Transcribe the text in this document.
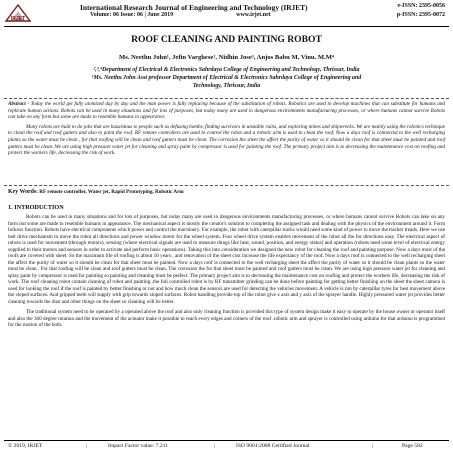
IRJET
International Research Journal of Engineering and Technology (IRJET)
Volume: 06 Issue: 06 | June 2019	www.irjet.net
e-ISSN: 2395-0056
p-ISSN: 2395-0072
ROOF CLEANING AND PAINTING ROBOT
Ms. Neethu John¹, Jefin Varghese², Nidhin Jose³, Anjos Babu M, Vinu. M.M⁴
²,³,⁴Department of Electrical & Electronics Sahrdaya College of Engineering and Technology, Thrissur, India
¹Ms. Neethu John Asst professor Department of Electrical & Electronics Sahrdaya College of Engineering and
Technology, Thrissur, India

Abstract - Today the world get fully atomized day by day and the man power is fully replacing because of the substitution of robots. Robotics are used to develop machines that can substitute for humans and replicate human actions. Robots can be used in many situations and for lots of purposes, but today many are used in dangerous environments manufacturing processes, or where humans cannot survive Robots can take on any form but some are made to resemble humans in appearance.

Many robots are built to do jobs that are hazardous to people such as defusing bombs, finding survivors in unstable ruins, and exploring mines and shipwrecks. We are mainly using the robotics technique to clean the roof and roof gutters and also to paint the roof. RF remote controllers are used to control the robot and a robotic arm is used to clean the roof. Now a days roof is connected to the well recharging plants so the water must be clean , for that roofing will be clean and roof gutters must be clean. The corrosion the sheet the affect the purity of water so it should be clean for that sheet must be painted and roof gutters must be clean. We are using high pressure water jet for cleaning and spray paint by compressor is used for painting the roof. The primary project aim is to decreasing the maintenance cost on roofing and protect the workers life, decreasing the risk of work.

Key Words: RF remote controller, Water jet, Rapid Prototyping, Robotic Arm
1. INTRODUCTION

Robots can be used in many situations and for lots of purposes, but today many are used in dangerous environments manufacturing processes, or where humans cannot survive Robots can take on any form but some are made to resemble humans in appearance. The mechanical aspect is mostly the creator's solution to completing the assigned task and dealing with the physics of the environment around it. Form follows function. Robots have electrical components which power and control the machinery. For example, the robot with caterpillar tracks would need some kind of power to move the tracker treads. Here we use belt drive mechanism to move the robot all directions and power window motor for the wheel system. Four wheel drive system enables movement of the robot all the for directions easy. The electrical aspect of robots is used for movement (through motors), sensing (where electrical signals are used to measure things like heat, sound, position, and energy status) and operation (robots need some level of electrical energy supplied to their motors and sensors in order to activate and perform basic operations). Taking this into consideration we designed the new robot for cleaning the roof and painting purpose. Now a days most of the roofs are covered with sheet. So the maximum life of roofing is about 10 years , and renovation of the sheet cost increase the life expectancy of the roof. Now a days roof is connected to the well recharging sheet the affect the purity of water so it should be clean for that sheet must be painted. Now a days roof is connected to the well recharging sheet the affect the purity of water so it should be clean plants so the water must be clean . For that roofing will be clean and roof gutters must be clean. The corrosion the for that sheet must be painted and roof gutters must be clean. We are using high pressure water jet for cleaning and spray paint by compressor is used for painting so painting and cleaning must be perfect. The primary project aim is to decreasing the maintenance cost on roofing and protect the workers life, decreasing the risk of work. The roof cleaning robot contain cleaning of robot and painting .the full controlled robot is by RF transmitter grinding can be done before painting for getting better finishing on the sheet the sheet camera is used for looking the roof if the roof is painted by better finishing or not and how much clean the sensors are used for detecting the vehicles movement. A vehicle is run by caterpillar tyres for best movement above the sloped surfaces. And gripped teeth will supply with grip towards sloped surfaces. Robot handling provide top of the robot give x axis and y axis of the sprayer handle. Highly pressured water jet provides better cleaning towards the dust and other things on the sheet so cleaning will be better.

The traditional system need to be operated by a operated above the roof and also only cleaning function is provided this type of system design make it easy to operate by the house owner or operator itself and also the 360 degree rotation and the movement of the actuator make it possible to reach every edges and corners of the roof .robotic arm and sprayer is controlled using arduino for that arduino is programmed for the motion of the both.

© 2019, IRJET	|	Impact Factor value: 7.211	|	ISO 9001:2008 Certified Journal	|	Page 582
